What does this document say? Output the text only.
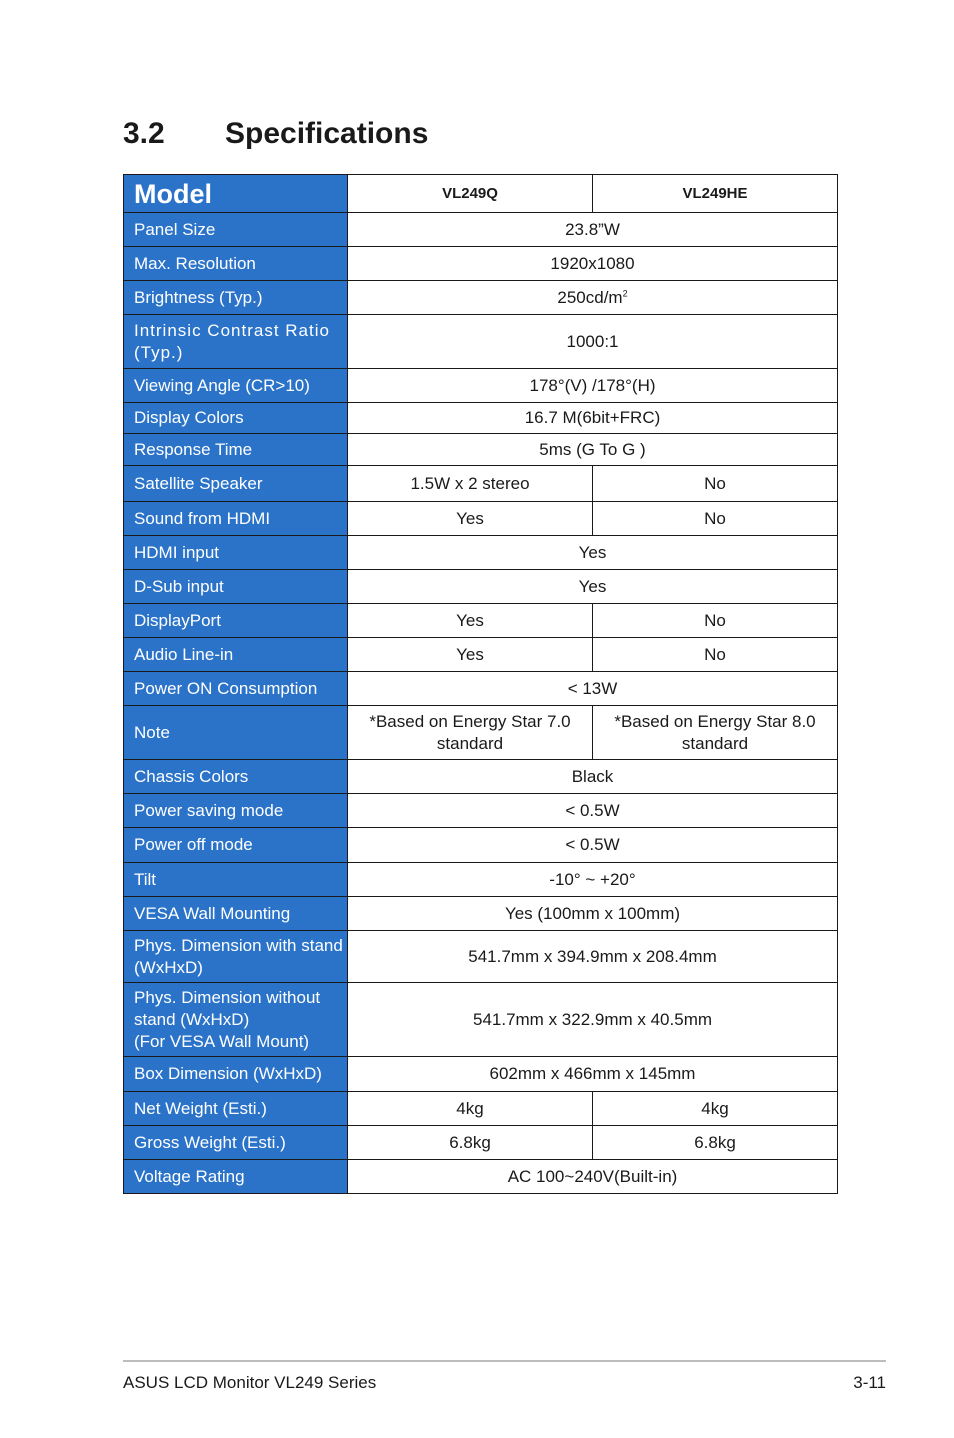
3.2 Specifications
Model	VL249Q	VL249HE
Panel Size	23.8”W	
Max. Resolution	1920x1080	
Brightness (Typ.)	$250cd/m^2$
Intrinsic Contrast Ratio (Typ.)	1000:1	
Viewing Angle (CR>10)	178°(V) /178°(H)	
Display Colors	16.7 M(6bit+FRC)	
Response Time	5ms (G To G )	
Satellite Speaker	1.5W x 2 stereo	No
Sound from HDMI	Yes	No
HDMI input	Yes	
D-Sub input	Yes	
DisplayPort	Yes	No
Audio Line-in	Yes	No
Power ON Consumption	< 13W	
Note	*Based on Energy Star 7.0 standard	*Based on Energy Star 8.0 standard
Chassis Colors	Black	
Power saving mode	< 0.5W	
Power off mode	< 0.5W	
Tilt	-10° ~ +20°	
VESA Wall Mounting	Yes (100mm x 100mm)	
Phys. Dimension with stand (WxHxD)	541.7mm x 394.9mm x 208.4mm	
Phys. Dimension without
stand (WxHxD)
(For VESA Wall Mount)	541.7mm x 322.9mm x 40.5mm	
Box Dimension (WxHxD)	602mm x 466mm x 145mm	
Net Weight (Esti.)	4kg	4kg
Gross Weight (Esti.)	6.8kg	6.8kg
Voltage Rating	AC 100~240V(Built-in)	
ASUS LCD Monitor VL249 Series	3-11
